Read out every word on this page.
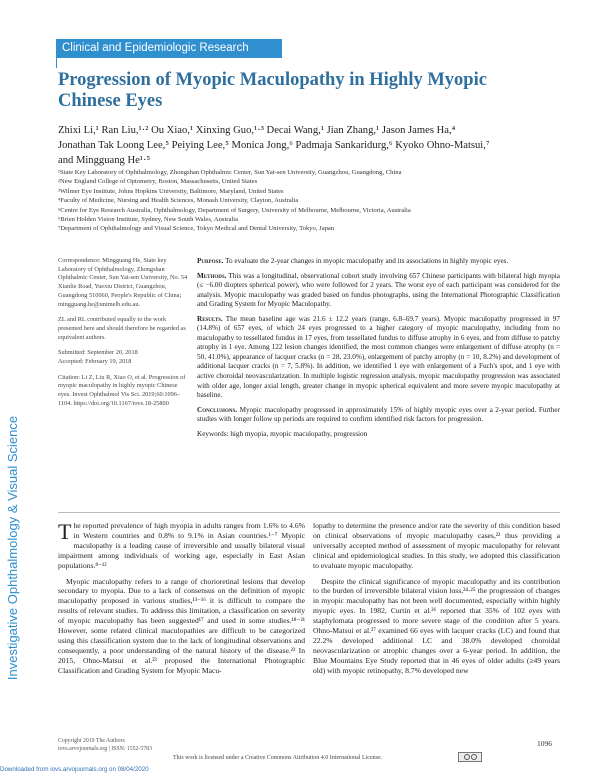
Clinical and Epidemiologic Research
Investigative Ophthalmology & Visual Science
Progression of Myopic Maculopathy in Highly Myopic Chinese Eyes
Zhixi Li,¹ Ran Liu,¹·² Ou Xiao,¹ Xinxing Guo,¹·³ Decai Wang,¹ Jian Zhang,¹ Jason James Ha,⁴
Jonathan Tak Loong Lee,⁵ Peiying Lee,⁵ Monica Jong,⁶ Padmaja Sankaridurg,⁶ Kyoko Ohno-Matsui,⁷
and Mingguang He¹·⁵
¹State Key Laboratory of Ophthalmology, Zhongshan Ophthalmic Center, Sun Yat-sen University, Guangzhou, Guangdong, China
²New England College of Optometry, Boston, Massachusetts, United States
³Wilmer Eye Institute, Johns Hopkins University, Baltimore, Maryland, United States
⁴Faculty of Medicine, Nursing and Health Sciences, Monash University, Clayton, Australia
⁵Centre for Eye Research Australia, Ophthalmology, Department of Surgery, University of Melbourne, Melbourne, Victoria, Australia
⁶Brien Holden Vision Institute, Sydney, New South Wales, Australia
⁷Department of Ophthalmology and Visual Science, Tokyo Medical and Dental University, Tokyo, Japan

Correspondence: Mingguang He, State key Laboratory of Ophthalmology, Zhongshan Ophthalmic Center, Sun Yat-sen University, No. 54 Xianlie Road, Yuexiu District, Guangzhou, Guangdong 510060, People's Republic of China; mingguang.he@unimelb.edu.au.

ZL and RL contributed equally to the work presented here and should therefore be regarded as equivalent authors.

Submitted: September 20, 2018

Accepted: February 19, 2018

Citation: Li Z, Liu R, Xiao O, et al. Progression of myopic maculopathy in highly myopic Chinese eyes. Invest Ophthalmol Vis Sci. 2019;60:1096–1104. https://doi.org/10.1167/iovs.18-25800

Purpose. To evaluate the 2-year changes in myopic maculopathy and its associations in highly myopic eyes.

Methods. This was a longitudinal, observational cohort study involving 657 Chinese participants with bilateral high myopia (≤ −6.00 diopters spherical power), who were followed for 2 years. The worst eye of each participant was considered for the analysis. Myopic maculopathy was graded based on fundus photographs, using the International Photographic Classification and Grading System for Myopic Maculopathy.

Results. The mean baseline age was 21.6 ± 12.2 years (range, 6.8–69.7 years). Myopic maculopathy progressed in 97 (14.8%) of 657 eyes, of which 24 eyes progressed to a higher category of myopic maculopathy, including from no maculopathy to tessellated fundus in 17 eyes, from tessellated fundus to diffuse atrophy in 6 eyes, and from diffuse to patchy atrophy in 1 eye. Among 122 lesion changes identified, the most common changes were enlargement of diffuse atrophy (n = 50, 41.0%), appearance of lacquer cracks (n = 28, 23.0%), enlargement of patchy atrophy (n = 10, 8.2%) and development of additional lacquer cracks (n = 7, 5.8%). In addition, we identified 1 eye with enlargement of a Fuch's spot, and 1 eye with active choroidal neovascularization. In multiple logistic regression analysis, myopic maculopathy progression was associated with older age, longer axial length, greater change in myopic spherical equivalent and more severe myopic maculopathy at baseline.

Conclusions. Myopic maculopathy progressed in approximately 15% of highly myopic eyes over a 2-year period. Further studies with longer follow up periods are required to confirm identified risk factors for progression.

Keywords: high myopia, myopic maculopathy, progression

The reported prevalence of high myopia in adults ranges from 1.6% to 4.6% in Western countries and 0.8% to 9.1% in Asian countries.¹⁻⁷ Myopic maculopathy is a leading cause of irreversible and usually bilateral visual impairment among individuals of working age, especially in East Asian populations.⁸⁻¹²

Myopic maculopathy refers to a range of chorioretinal lesions that develop secondary to myopia. Due to a lack of consensus on the definition of myopic maculopathy proposed in various studies,¹³⁻¹⁶ it is difficult to compare the results of relevant studies. To address this limitation, a classification on severity of myopic maculopathy has been suggested¹⁷ and used in some studies.¹⁸⁻²¹ However, some related clinical maculopathies are difficult to be categorized using this classification system due to the lack of longitudinal observations and consequently, a poor understanding of the natural history of the disease.²² In 2015, Ohno-Matsui et al.²³ proposed the International Photographic Classification and Grading System for Myopic Macu-

lopathy to determine the presence and/or rate the severity of this condition based on clinical observations of myopic maculopathy cases,²² thus providing a universally accepted method of assessment of myopic maculopathy for relevant clinical and epidemiological studies. In this study, we adopted this classification to evaluate myopic maculopathy.

Despite the clinical significance of myopic maculopathy and its contribution to the burden of irreversible bilateral vision loss,²⁴·²⁵ the progression of changes in myopic maculopathy has not been well documented, especially within highly myopic eyes. In 1982, Curtin et al.²⁶ reported that 35% of 102 eyes with staphylomata progressed to more severe stage of the condition after 5 years. Ohno-Matsui et al.²⁷ examined 66 eyes with lacquer cracks (LC) and found that 22.2% developed additional LC and 38.0% developed choroidal neovascularization or atrophic changes over a 6-year period. In addition, the Blue Mountains Eye Study reported that in 46 eyes of older adults (≥49 years old) with myopic retinopathy, 8.7% developed new

Copyright 2019 The Authors
iovs.arvojournals.org | ISSN: 1552-5783
1096
This work is licensed under a Creative Commons Attribution 4.0 International License.
Downloaded from iovs.arvojournals.org on 08/04/2020
